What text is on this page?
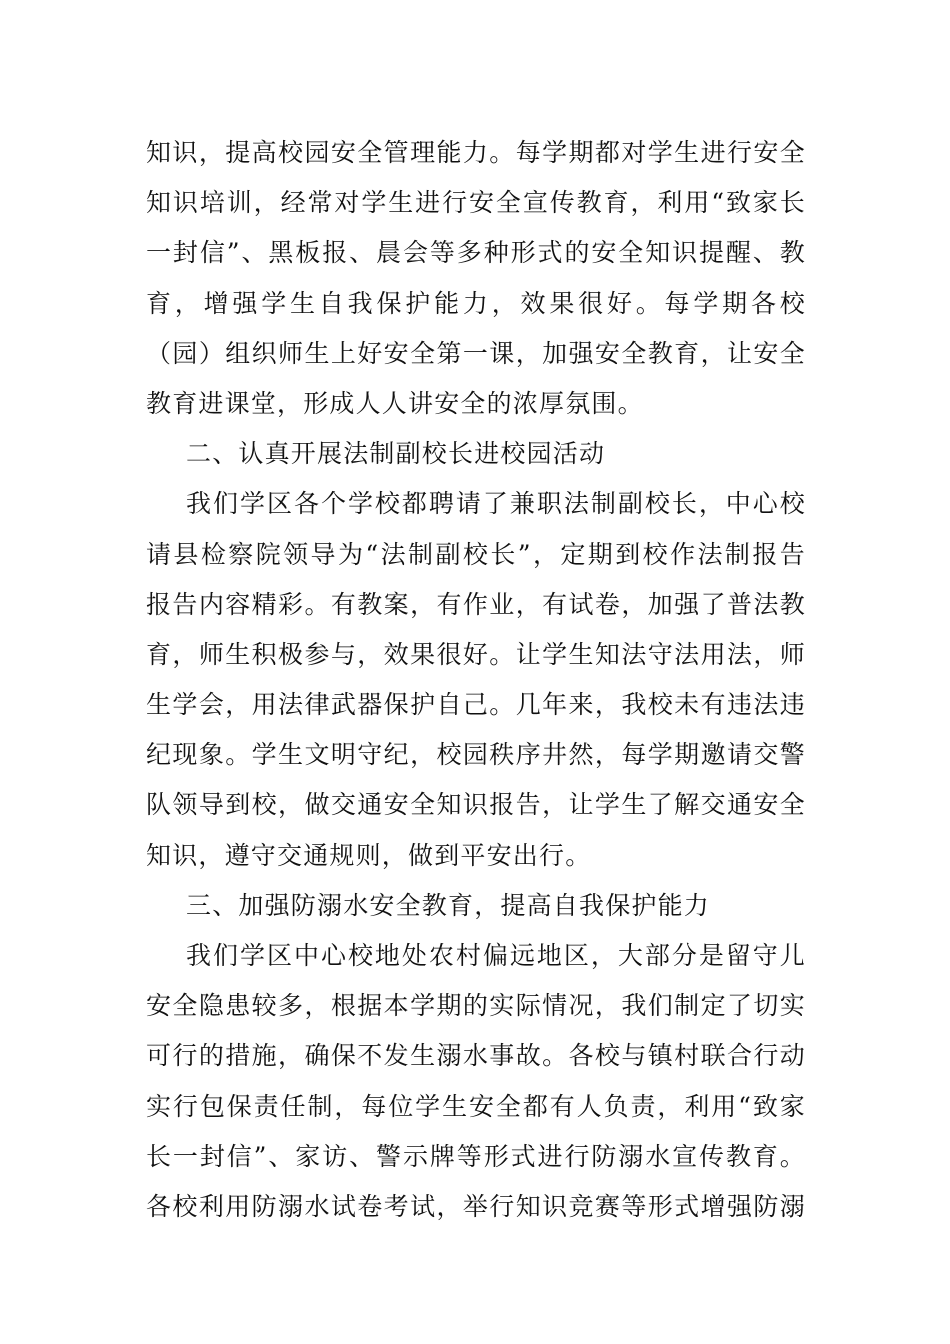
知识，提高校园安全管理能力。每学期都对学生进行安全
知识培训，经常对学生进行安全宣传教育，利用“致家长
一封信”、黑板报、晨会等多种形式的安全知识提醒、教
育，增强学生自我保护能力，效果很好。每学期各校
（园）组织师生上好安全第一课，加强安全教育，让安全
教育进课堂，形成人人讲安全的浓厚氛围。
二、认真开展法制副校长进校园活动
我们学区各个学校都聘请了兼职法制副校长，中心校
请县检察院领导为“法制副校长”，定期到校作法制报告
报告内容精彩。有教案，有作业，有试卷，加强了普法教
育，师生积极参与，效果很好。让学生知法守法用法，师
生学会，用法律武器保护自己。几年来，我校未有违法违
纪现象。学生文明守纪，校园秩序井然，每学期邀请交警
队领导到校，做交通安全知识报告，让学生了解交通安全
知识，遵守交通规则，做到平安出行。
三、加强防溺水安全教育，提高自我保护能力
我们学区中心校地处农村偏远地区，大部分是留守儿
安全隐患较多，根据本学期的实际情况，我们制定了切实
可行的措施，确保不发生溺水事故。各校与镇村联合行动
实行包保责任制，每位学生安全都有人负责，利用“致家
长一封信”、家访、警示牌等形式进行防溺水宣传教育。
各校利用防溺水试卷考试，举行知识竞赛等形式增强防溺
